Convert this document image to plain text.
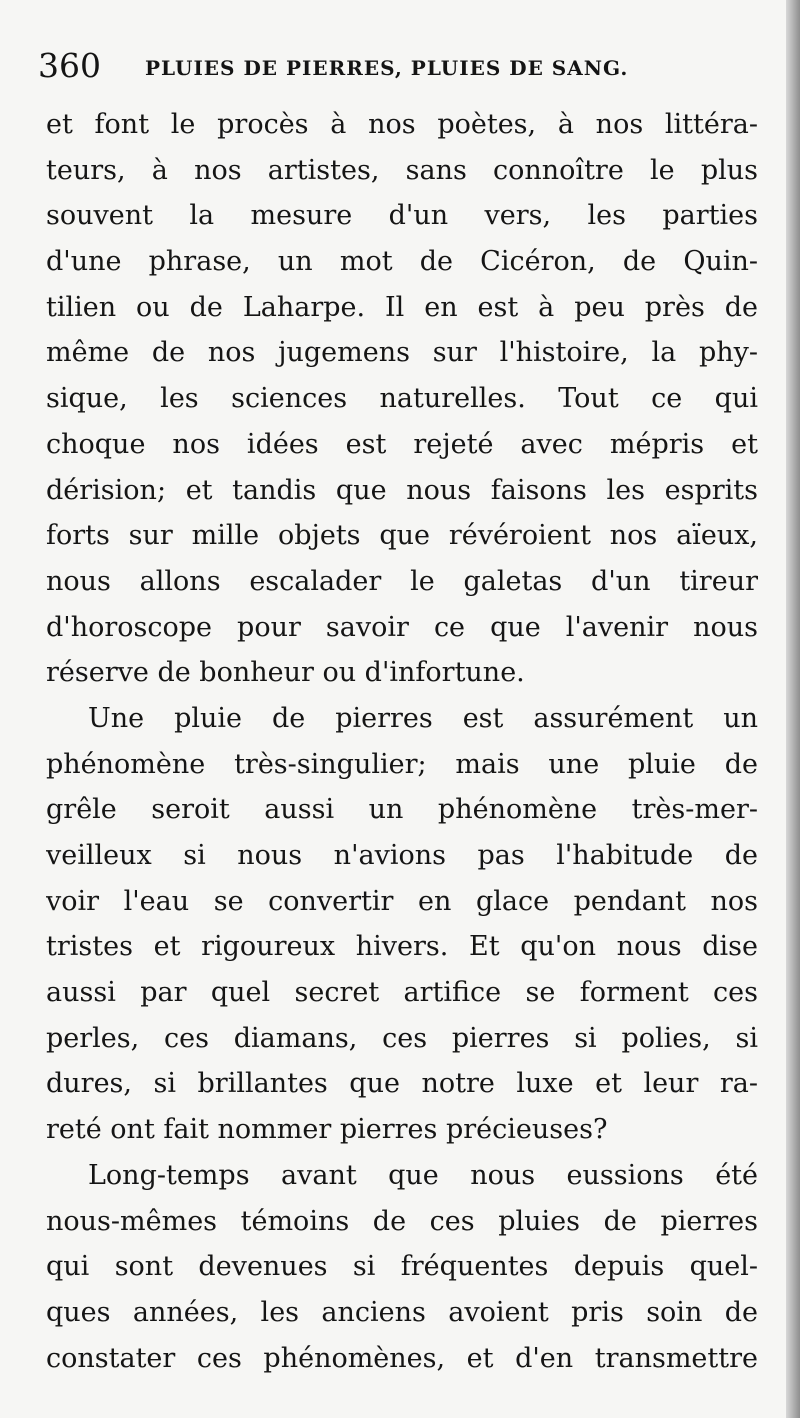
360 PLUIES DE PIERRES, PLUIES DE SANG.
et font le procès à nos poètes, à nos littéra-
teurs, à nos artistes, sans connoître le plus
souvent la mesure d'un vers, les parties
d'une phrase, un mot de Cicéron, de Quin-
tilien ou de Laharpe. Il en est à peu près de
même de nos jugemens sur l'histoire, la phy-
sique, les sciences naturelles. Tout ce qui
choque nos idées est rejeté avec mépris et
dérision; et tandis que nous faisons les esprits
forts sur mille objets que révéroient nos aïeux,
nous allons escalader le galetas d'un tireur
d'horoscope pour savoir ce que l'avenir nous
réserve de bonheur ou d'infortune.
Une pluie de pierres est assurément un
phénomène très-singulier; mais une pluie de
grêle seroit aussi un phénomène très-mer-
veilleux si nous n'avions pas l'habitude de
voir l'eau se convertir en glace pendant nos
tristes et rigoureux hivers. Et qu'on nous dise
aussi par quel secret artifice se forment ces
perles, ces diamans, ces pierres si polies, si
dures, si brillantes que notre luxe et leur ra-
reté ont fait nommer pierres précieuses?
Long-temps avant que nous eussions été
nous-mêmes témoins de ces pluies de pierres
qui sont devenues si fréquentes depuis quel-
ques années, les anciens avoient pris soin de
constater ces phénomènes, et d'en transmettre
